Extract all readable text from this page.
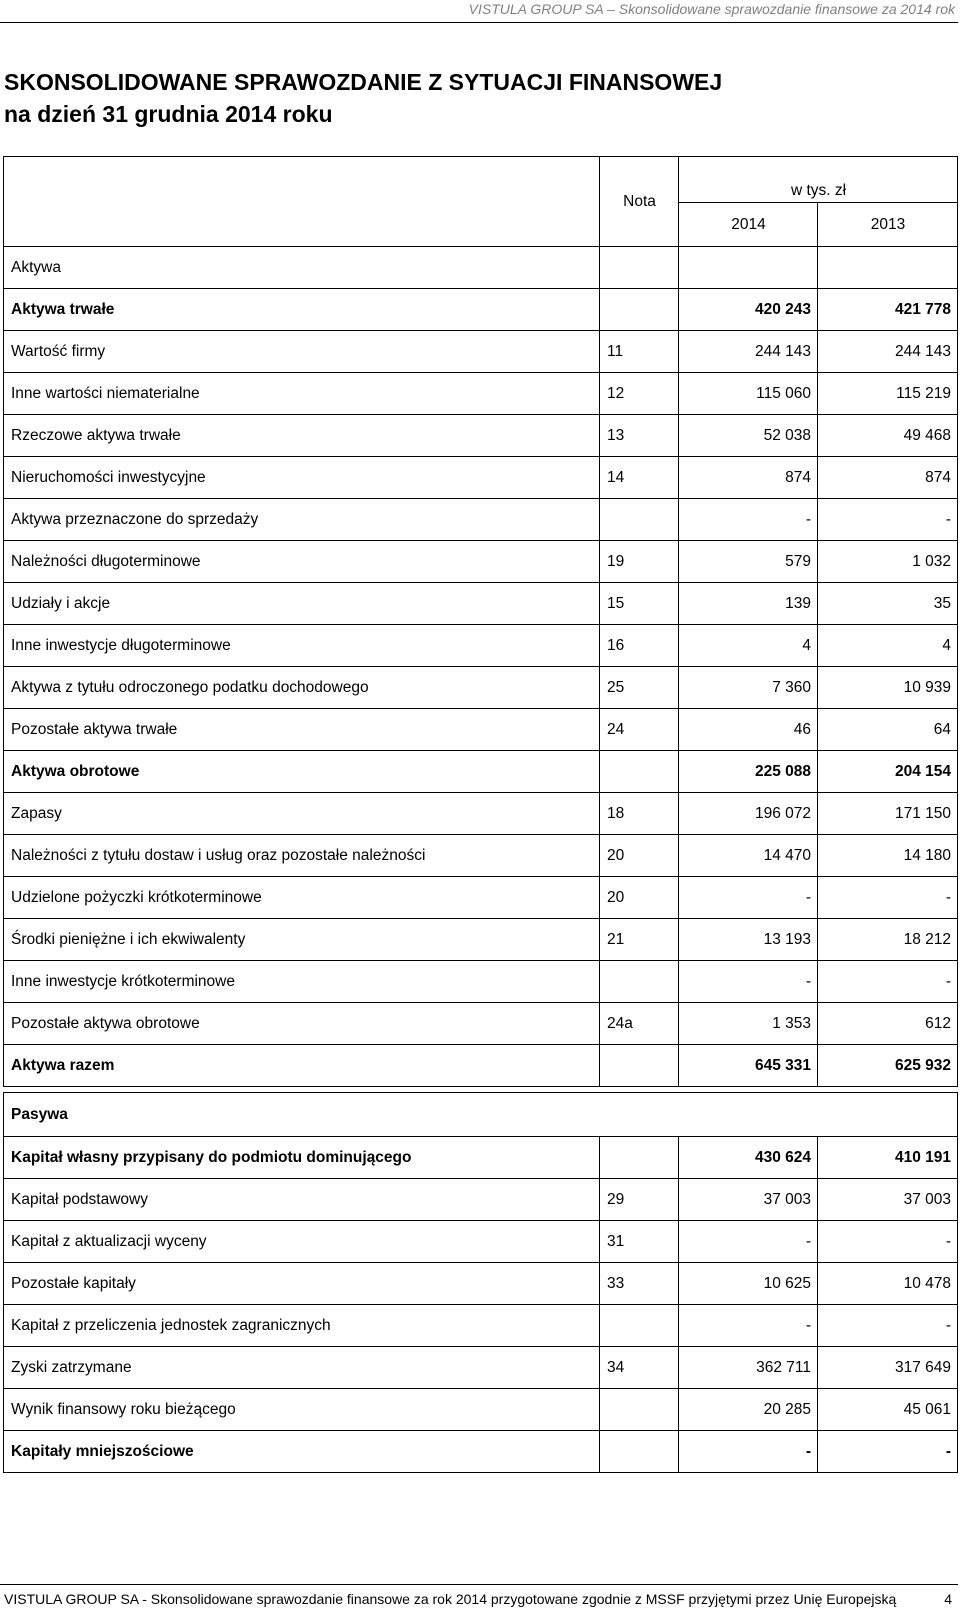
VISTULA GROUP SA – Skonsolidowane sprawozdanie finansowe za 2014 rok
SKONSOLIDOWANE SPRAWOZDANIE Z SYTUACJI FINANSOWEJ
na dzień 31 grudnia 2014 roku
	Nota	w tys. zł	
		2014	2013
Aktywa			
Aktywa trwałe		420 243	421 778
Wartość firmy	11	244 143	244 143
Inne wartości niematerialne	12	115 060	115 219
Rzeczowe aktywa trwałe	13	52 038	49 468
Nieruchomości inwestycyjne	14	874	874
Aktywa przeznaczone do sprzedaży		-	-
Należności długoterminowe	19	579	1 032
Udziały i akcje	15	139	35
Inne inwestycje długoterminowe	16	4	4
Aktywa z tytułu odroczonego podatku dochodowego	25	7 360	10 939
Pozostałe aktywa trwałe	24	46	64
Aktywa obrotowe		225 088	204 154
Zapasy	18	196 072	171 150
Należności z tytułu dostaw i usług oraz pozostałe należności	20	14 470	14 180
Udzielone pożyczki krótkoterminowe	20	-	-
Środki pieniężne i ich ekwiwalenty	21	13 193	18 212
Inne inwestycje krótkoterminowe		-	-
Pozostałe aktywa obrotowe	24a	1 353	612
Aktywa razem		645 331	625 932

Pasywa			
Kapitał własny przypisany do podmiotu dominującego		430 624	410 191
Kapitał podstawowy	29	37 003	37 003
Kapitał z aktualizacji wyceny	31	-	-
Pozostałe kapitały	33	10 625	10 478
Kapitał z przeliczenia jednostek zagranicznych		-	-
Zyski zatrzymane	34	362 711	317 649
Wynik finansowy roku bieżącego		20 285	45 061
Kapitały mniejszościowe		-	-
VISTULA GROUP SA - Skonsolidowane sprawozdanie finansowe za rok 2014 przygotowane zgodnie z MSSF przyjętymi przez Unię Europejską	4
